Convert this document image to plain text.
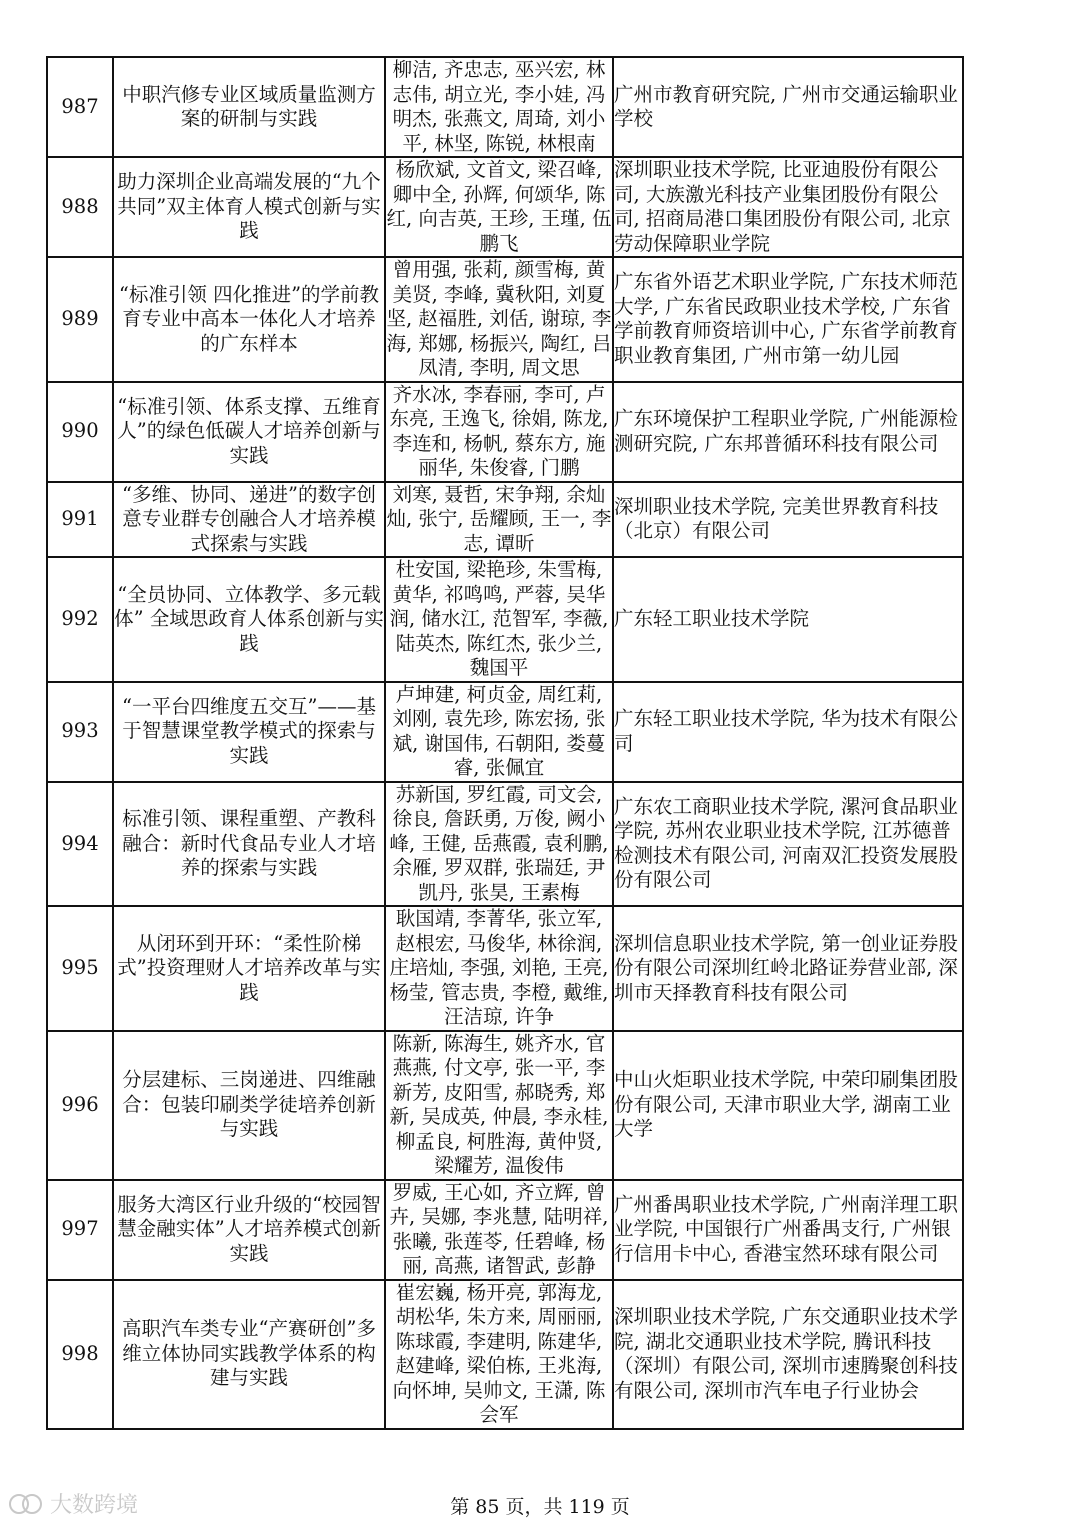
987	中职汽修专业区域质量监测方案的研制与实践	柳洁, 齐忠志, 巫兴宏, 林志伟, 胡立光, 李小娃, 冯明杰, 张燕文, 周琦, 刘小平, 林坚, 陈锐, 林根南	广州市教育研究院, 广州市交通运输职业学校

988	助力深圳企业高端发展的“九个共同”双主体育人模式创新与实践	杨欣斌, 文首文, 梁召峰, 卿中全, 孙辉, 何颂华, 陈红, 向吉英, 王珍, 王瑾, 伍鹏飞	深圳职业技术学院, 比亚迪股份有限公司, 大族激光科技产业集团股份有限公司, 招商局港口集团股份有限公司, 北京劳动保障职业学院

989	“标准引领 四化推进”的学前教育专业中高本一体化人才培养的广东样本	曾用强, 张莉, 颜雪梅, 黄美贤, 李峰, 冀秋阳, 刘夏坚, 赵福胜, 刘佸, 谢琼, 李海, 郑娜, 杨振兴, 陶红, 吕凤清, 李明, 周文思	广东省外语艺术职业学院, 广东技术师范大学, 广东省民政职业技术学校, 广东省学前教育师资培训中心, 广东省学前教育职业教育集团, 广州市第一幼儿园

990	“标准引领、体系支撑、五维育人”的绿色低碳人才培养创新与实践	齐水冰, 李春丽, 李可, 卢东亮, 王逸飞, 徐娟, 陈龙, 李连和, 杨帆, 蔡东方, 施丽华, 朱俊睿, 门鹏	广东环境保护工程职业学院, 广州能源检测研究院, 广东邦普循环科技有限公司

991	“多维、协同、递进”的数字创意专业群专创融合人才培养模式探索与实践	刘寒, 聂哲, 宋争翔, 余灿灿, 张宁, 岳耀顾, 王一, 李志, 谭昕	深圳职业技术学院, 完美世界教育科技（北京）有限公司

992	“全员协同、立体教学、多元载体” 全域思政育人体系创新与实践	杜安国, 梁艳珍, 朱雪梅, 黄华, 祁鸣鸣, 严蓉, 吴华润, 储水江, 范智军, 李薇, 陆英杰, 陈红杰, 张少兰, 魏国平	广东轻工职业技术学院

993	“一平台四维度五交互”——基于智慧课堂教学模式的探索与实践	卢坤建, 柯贞金, 周红莉, 刘刚, 袁先珍, 陈宏扬, 张斌, 谢国伟, 石朝阳, 娄蔓睿, 张佩宜	广东轻工职业技术学院, 华为技术有限公司

994	标准引领、课程重塑、产教科融合：新时代食品专业人才培养的探索与实践	苏新国, 罗红霞, 司文会, 徐良, 詹跃勇, 万俊, 阙小峰, 王健, 岳燕霞, 袁利鹏, 余雁, 罗双群, 张瑞廷, 尹凯丹, 张昊, 王素梅	广东农工商职业技术学院, 漯河食品职业学院, 苏州农业职业技术学院, 江苏德普检测技术有限公司, 河南双汇投资发展股份有限公司

995	从闭环到开环：“柔性阶梯式”投资理财人才培养改革与实践	耿国靖, 李菁华, 张立军, 赵根宏, 马俊华, 林徐润, 庄培灿, 李强, 刘艳, 王亮, 杨莹, 管志贵, 李橙, 戴维, 汪洁琼, 许争	深圳信息职业技术学院, 第一创业证券股份有限公司深圳红岭北路证券营业部, 深圳市天择教育科技有限公司

996	分层建标、三岗递进、四维融合：包装印刷类学徒培养创新与实践	陈新, 陈海生, 姚齐水, 官燕燕, 付文亭, 张一平, 李新芳, 皮阳雪, 郝晓秀, 郑新, 吴成英, 仲晨, 李永桂, 柳孟良, 柯胜海, 黄仲贤, 梁耀芳, 温俊伟	中山火炬职业技术学院, 中荣印刷集团股份有限公司, 天津市职业大学, 湖南工业大学

997	服务大湾区行业升级的“校园智慧金融实体”人才培养模式创新实践	罗威, 王心如, 齐立辉, 曾卉, 吴娜, 李兆慧, 陆明祥, 张曦, 张莲苓, 任碧峰, 杨丽, 高燕, 诸智武, 彭静	广州番禺职业技术学院, 广州南洋理工职业学院, 中国银行广州番禺支行, 广州银行信用卡中心, 香港宝然环球有限公司

998	高职汽车类专业“产赛研创”多维立体协同实践教学体系的构建与实践	崔宏巍, 杨开亮, 郭海龙, 胡松华, 朱方来, 周丽丽, 陈球霞, 李建明, 陈建华, 赵建峰, 梁伯栋, 王兆海, 向怀坤, 吴帅文, 王潇, 陈会军	深圳职业技术学院, 广东交通职业技术学院, 湖北交通职业技术学院, 腾讯科技（深圳）有限公司, 深圳市速腾聚创科技有限公司, 深圳市汽车电子行业协会
大数跨境	第 85 页，共 119 页
